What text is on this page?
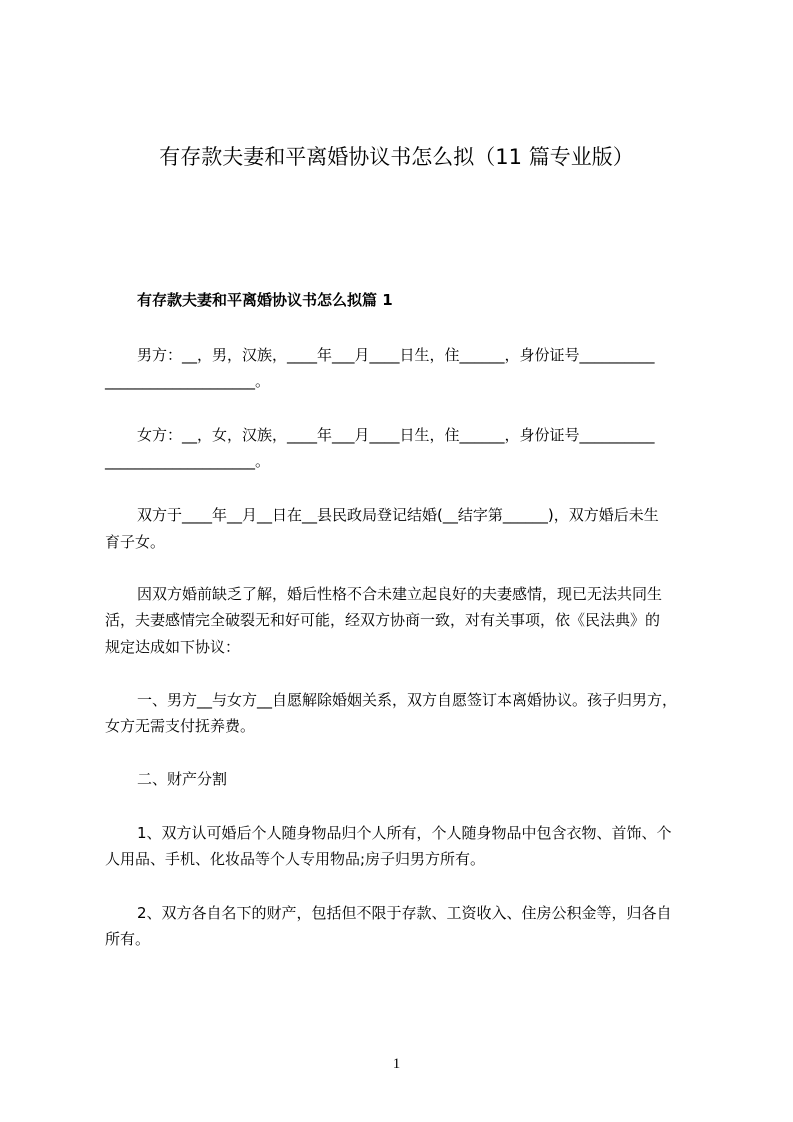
有存款夫妻和平离婚协议书怎么拟（11 篇专业版）
有存款夫妻和平离婚协议书怎么拟篇 1

男方：__，男，汉族，____年___月____日生，住______，身份证号__________

____________________。

女方：__，女，汉族，____年___月____日生，住______，身份证号__________

____________________。

双方于____年__月__日在__县民政局登记结婚(__结字第______)，双方婚后未生

育子女。

因双方婚前缺乏了解，婚后性格不合未建立起良好的夫妻感情，现已无法共同生

活，夫妻感情完全破裂无和好可能，经双方协商一致，对有关事项，依《民法典》的

规定达成如下协议：

一、男方__与女方__自愿解除婚姻关系，双方自愿签订本离婚协议。孩子归男方，

女方无需支付抚养费。

二、财产分割

1、双方认可婚后个人随身物品归个人所有，个人随身物品中包含衣物、首饰、个

人用品、手机、化妆品等个人专用物品;房子归男方所有。

2、双方各自名下的财产，包括但不限于存款、工资收入、住房公积金等，归各自

所有。

1
